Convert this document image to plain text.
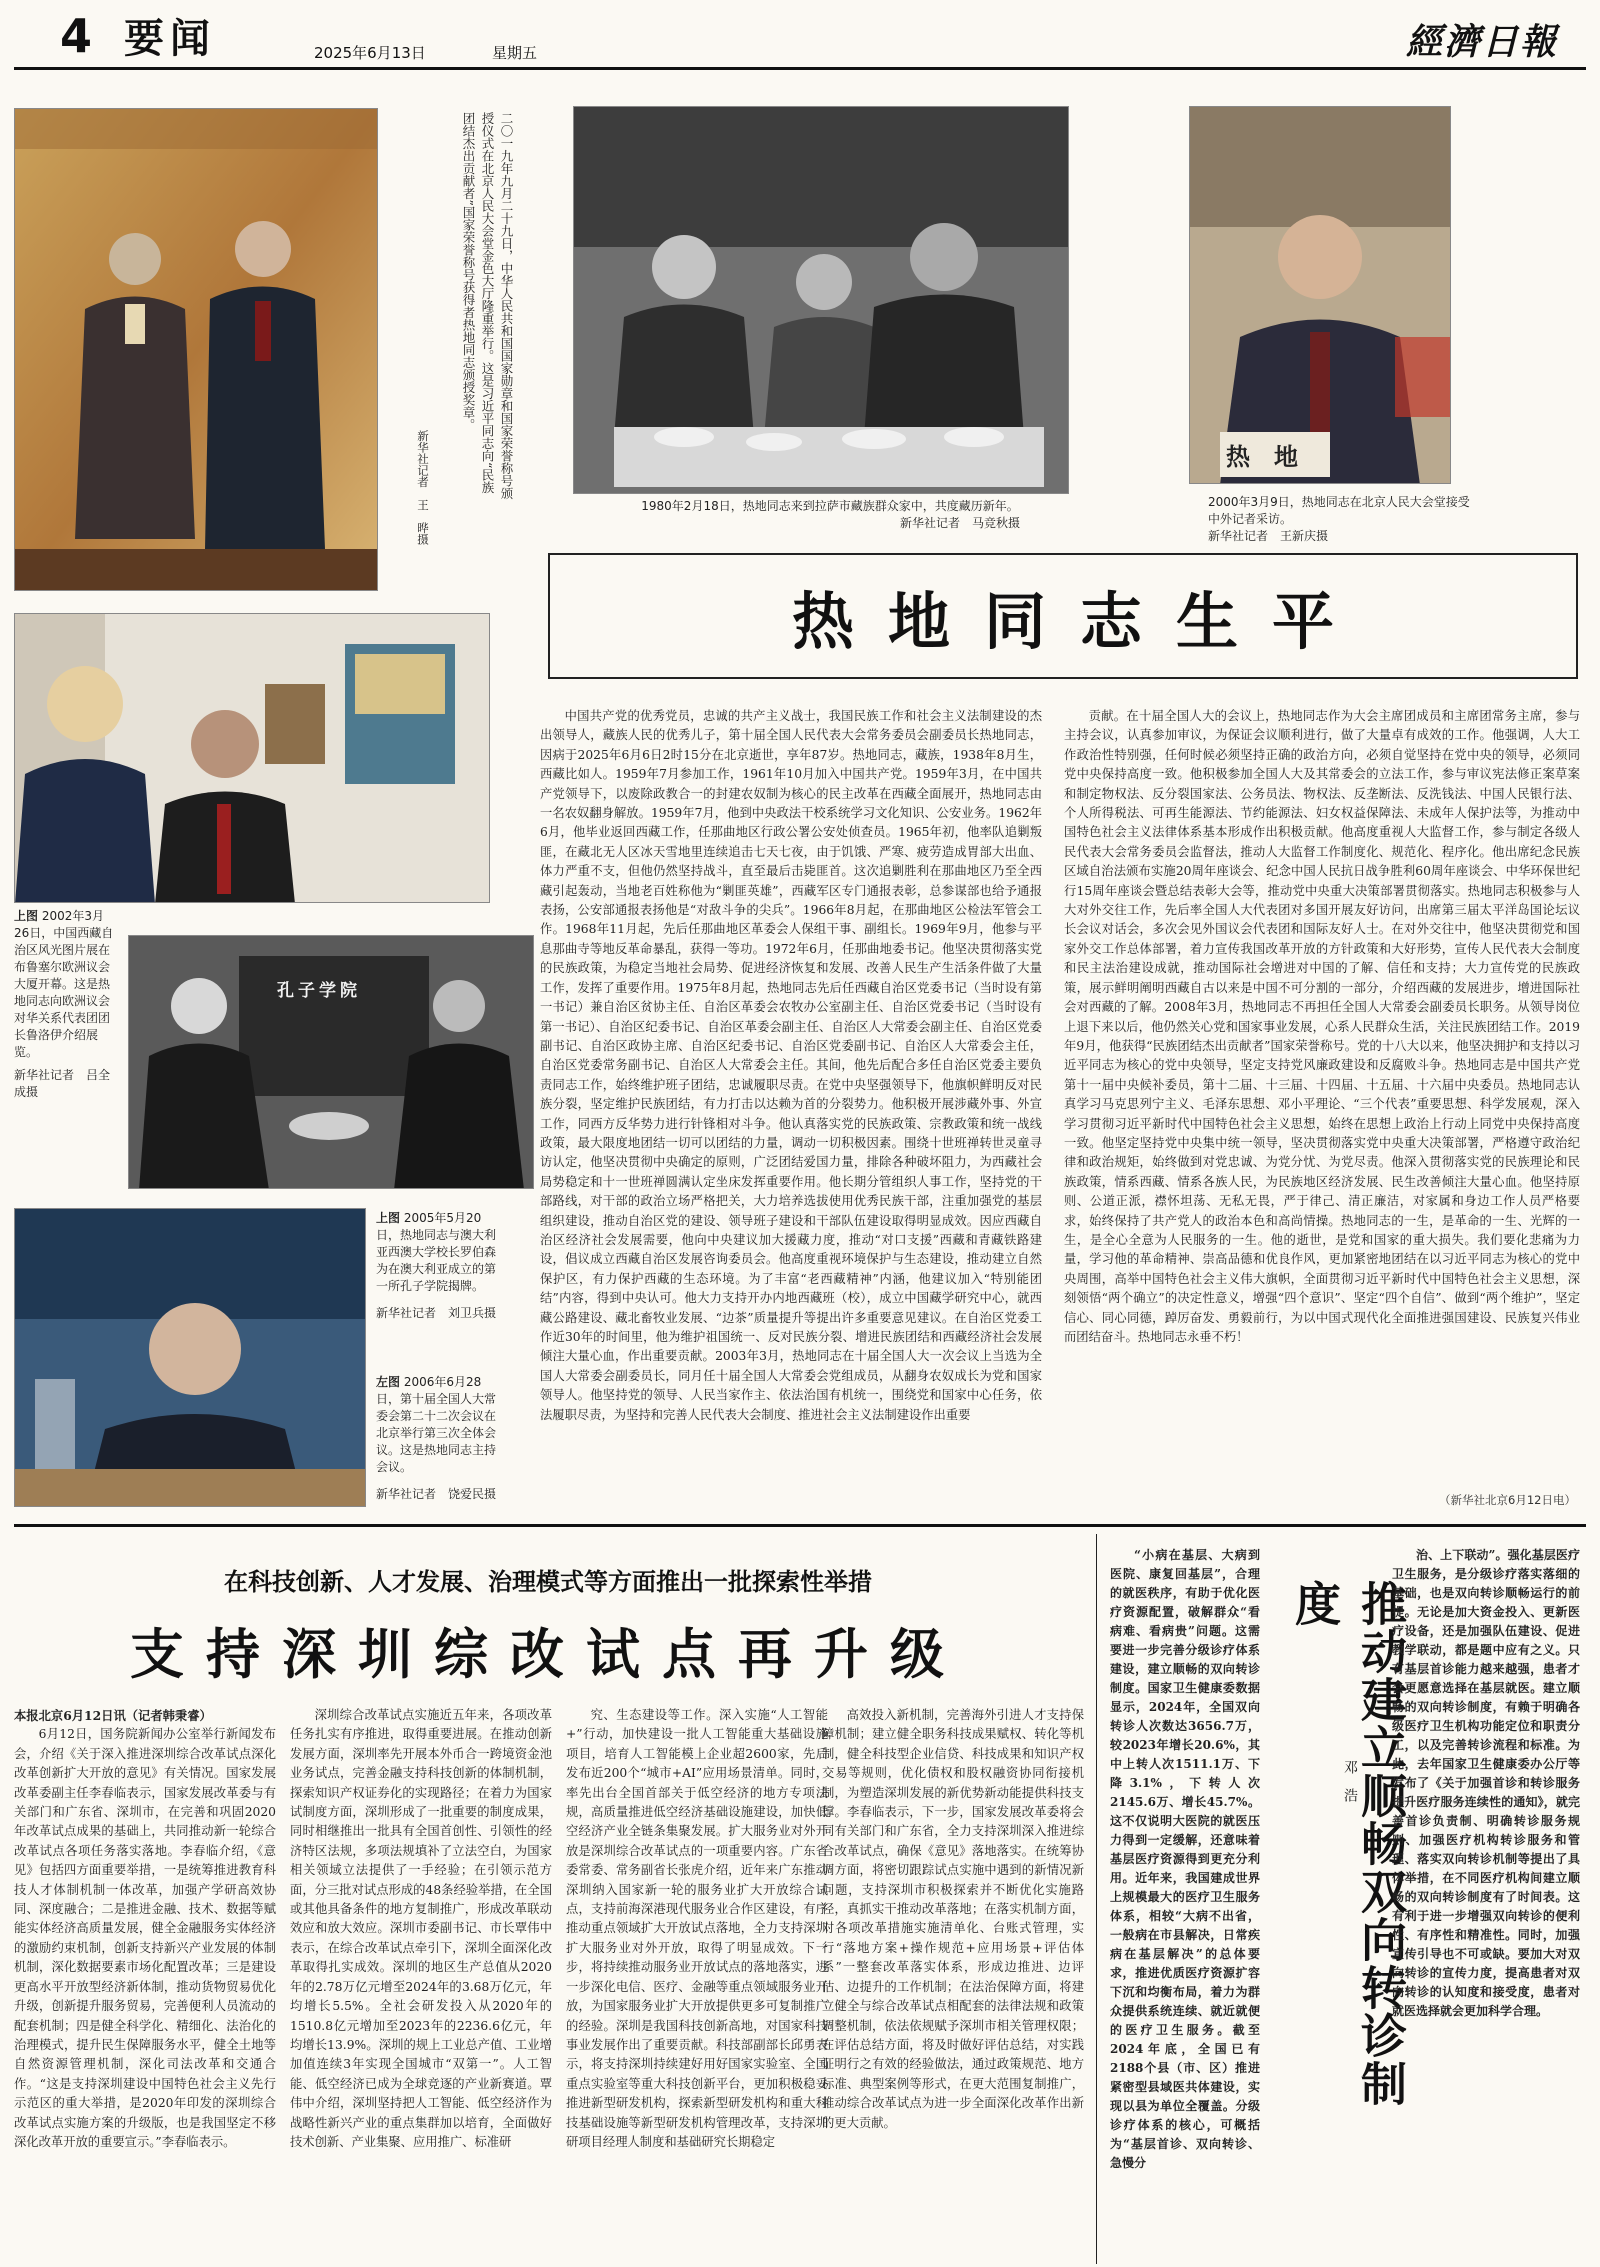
4 要闻	2025年6月13日	星期五	經濟日報
二〇一九年九月二十九日，中华人民共和国国家勋章和国家荣誉称号颁授仪式在北京人民大会堂金色大厅隆重举行。这是习近平同志向“民族团结杰出贡献者”国家荣誉称号获得者热地同志颁授奖章。
新华社记者　王　晔摄	1980年2月18日，热地同志来到拉萨市藏族群众家中，共度藏历新年。
新华社记者　马竞秋摄
热　地
2000年3月9日，热地同志在北京人民大会堂接受中外记者采访。
新华社记者　王新庆摄
热地同志生平
上图 2002年3月26日，中国西藏自治区风光图片展在布鲁塞尔欧洲议会大厦开幕。这是热地同志向欧洲议会对华关系代表团团长鲁洛伊介绍展览。
新华社记者　吕全成摄
孔子学院
上图 2005年5月20日，热地同志与澳大利亚西澳大学校长罗伯森为在澳大利亚成立的第一所孔子学院揭牌。
新华社记者　刘卫兵摄
左图 2006年6月28日，第十届全国人大常委会第二十二次会议在北京举行第三次全体会议。这是热地同志主持会议。
新华社记者　饶爱民摄
中国共产党的优秀党员，忠诚的共产主义战士，我国民族工作和社会主义法制建设的杰出领导人，藏族人民的优秀儿子，第十届全国人民代表大会常务委员会副委员长热地同志，因病于2025年6月6日2时15分在北京逝世，享年87岁。热地同志，藏族，1938年8月生，西藏比如人。1959年7月参加工作，1961年10月加入中国共产党。1959年3月，在中国共产党领导下，以废除政教合一的封建农奴制为核心的民主改革在西藏全面展开，热地同志由一名农奴翻身解放。1959年7月，他到中央政法干校系统学习文化知识、公安业务。1962年6月，他毕业返回西藏工作，任那曲地区行政公署公安处侦查员。1965年初，他率队追剿叛匪，在藏北无人区冰天雪地里连续追击七天七夜，由于饥饿、严寒、疲劳造成胃部大出血、体力严重不支，但他仍然坚持战斗，直至最后击毙匪首。这次追剿胜利在那曲地区乃至全西藏引起轰动，当地老百姓称他为“剿匪英雄”，西藏军区专门通报表彰，总参谋部也给予通报表扬，公安部通报表扬他是“对敌斗争的尖兵”。1966年8月起，在那曲地区公检法军管会工作。1968年11月起，先后任那曲地区革委会人保组干事、副组长。1969年9月，他参与平息那曲寺等地反革命暴乱，获得一等功。1972年6月，任那曲地委书记。他坚决贯彻落实党的民族政策，为稳定当地社会局势、促进经济恢复和发展、改善人民生产生活条件做了大量工作，发挥了重要作用。1975年8月起，热地同志先后任西藏自治区党委书记（当时设有第一书记）兼自治区贫协主任、自治区革委会农牧办公室副主任、自治区党委书记（当时设有第一书记）、自治区纪委书记、自治区革委会副主任、自治区人大常委会副主任、自治区党委副书记、自治区政协主席、自治区纪委书记、自治区党委副书记、自治区人大常委会主任，自治区党委常务副书记、自治区人大常委会主任。其间，他先后配合多任自治区党委主要负责同志工作，始终维护班子团结，忠诚履职尽责。在党中央坚强领导下，他旗帜鲜明反对民族分裂，坚定维护民族团结，有力打击以达赖为首的分裂势力。他积极开展涉藏外事、外宣工作，同西方反华势力进行针锋相对斗争。他认真落实党的民族政策、宗教政策和统一战线政策，最大限度地团结一切可以团结的力量，调动一切积极因素。围绕十世班禅转世灵童寻访认定，他坚决贯彻中央确定的原则，广泛团结爱国力量，排除各种破坏阻力，为西藏社会局势稳定和十一世班禅圆满认定坐床发挥重要作用。他长期分管组织人事工作，坚持党的干部路线，对干部的政治立场严格把关，大力培养选拔使用优秀民族干部，注重加强党的基层组织建设，推动自治区党的建设、领导班子建设和干部队伍建设取得明显成效。因应西藏自治区经济社会发展需要，他向中央建议加大援藏力度，推动“对口支援”西藏和青藏铁路建设，倡议成立西藏自治区发展咨询委员会。他高度重视环境保护与生态建设，推动建立自然保护区，有力保护西藏的生态环境。为了丰富“老西藏精神”内涵，他建议加入“特别能团结”内容，得到中央认可。他大力支持开办内地西藏班（校），成立中国藏学研究中心，就西藏公路建设、藏北畜牧业发展、“边茶”质量提升等提出许多重要意见建议。在自治区党委工作近30年的时间里，他为维护祖国统一、反对民族分裂、增进民族团结和西藏经济社会发展倾注大量心血，作出重要贡献。2003年3月，热地同志在十届全国人大一次会议上当选为全国人大常委会副委员长，同月任十届全国人大常委会党组成员，从翻身农奴成长为党和国家领导人。他坚持党的领导、人民当家作主、依法治国有机统一，围绕党和国家中心任务，依法履职尽责，为坚持和完善人民代表大会制度、推进社会主义法制建设作出重要
贡献。在十届全国人大的会议上，热地同志作为大会主席团成员和主席团常务主席，参与主持会议，认真参加审议，为保证会议顺利进行，做了大量卓有成效的工作。他强调，人大工作政治性特别强，任何时候必须坚持正确的政治方向，必须自觉坚持在党中央的领导，必须同党中央保持高度一致。他积极参加全国人大及其常委会的立法工作，参与审议宪法修正案草案和制定物权法、反分裂国家法、公务员法、物权法、反垄断法、反洗钱法、中国人民银行法、个人所得税法、可再生能源法、节约能源法、妇女权益保障法、未成年人保护法等，为推动中国特色社会主义法律体系基本形成作出积极贡献。他高度重视人大监督工作，参与制定各级人民代表大会常务委员会监督法，推动人大监督工作制度化、规范化、程序化。他出席纪念民族区域自治法颁布实施20周年座谈会、纪念中国人民抗日战争胜利60周年座谈会、中华环保世纪行15周年座谈会暨总结表彰大会等，推动党中央重大决策部署贯彻落实。热地同志积极参与人大对外交往工作，先后率全国人大代表团对多国开展友好访问，出席第三届太平洋岛国论坛议长会议对话会，多次会见外国议会代表团和国际友好人士。在对外交往中，他坚决贯彻党和国家外交工作总体部署，着力宣传我国改革开放的方针政策和大好形势，宣传人民代表大会制度和民主法治建设成就，推动国际社会增进对中国的了解、信任和支持；大力宣传党的民族政策，展示鲜明阐明西藏自古以来是中国不可分割的一部分，介绍西藏的发展进步，增进国际社会对西藏的了解。2008年3月，热地同志不再担任全国人大常委会副委员长职务。从领导岗位上退下来以后，他仍然关心党和国家事业发展，心系人民群众生活，关注民族团结工作。2019年9月，他获得“民族团结杰出贡献者”国家荣誉称号。党的十八大以来，他坚决拥护和支持以习近平同志为核心的党中央领导，坚定支持党风廉政建设和反腐败斗争。热地同志是中国共产党第十一届中央候补委员，第十二届、十三届、十四届、十五届、十六届中央委员。热地同志认真学习马克思列宁主义、毛泽东思想、邓小平理论、“三个代表”重要思想、科学发展观，深入学习贯彻习近平新时代中国特色社会主义思想，始终在思想上政治上行动上同党中央保持高度一致。他坚定坚持党中央集中统一领导，坚决贯彻落实党中央重大决策部署，严格遵守政治纪律和政治规矩，始终做到对党忠诚、为党分忧、为党尽责。他深入贯彻落实党的民族理论和民族政策，情系西藏、情系各族人民，为民族地区经济发展、民生改善倾注大量心血。他坚持原则、公道正派，襟怀坦荡、无私无畏，严于律己、清正廉洁，对家属和身边工作人员严格要求，始终保持了共产党人的政治本色和高尚情操。热地同志的一生，是革命的一生、光辉的一生，是全心全意为人民服务的一生。他的逝世，是党和国家的重大损失。我们要化悲痛为力量，学习他的革命精神、崇高品德和优良作风，更加紧密地团结在以习近平同志为核心的党中央周围，高举中国特色社会主义伟大旗帜，全面贯彻习近平新时代中国特色社会主义思想，深刻领悟“两个确立”的决定性意义，增强“四个意识”、坚定“四个自信”、做到“两个维护”，坚定信心、同心同德，踔厉奋发、勇毅前行，为以中国式现代化全面推进强国建设、民族复兴伟业而团结奋斗。热地同志永垂不朽！
（新华社北京6月12日电）
在科技创新、人才发展、治理模式等方面推出一批探索性举措
支持深圳综改试点再升级
本报北京6月12日讯（记者韩秉睿）
6月12日，国务院新闻办公室举行新闻发布会，介绍《关于深入推进深圳综合改革试点深化改革创新扩大开放的意见》有关情况。国家发展改革委副主任李春临表示，国家发展改革委与有关部门和广东省、深圳市，在完善和巩固2020年改革试点成果的基础上，共同推动新一轮综合改革试点各项任务落实落地。李春临介绍，《意见》包括四方面重要举措，一是统筹推进教育科技人才体制机制一体改革，加强产学研高效协同、深度融合；二是推进金融、技术、数据等赋能实体经济高质量发展，健全金融服务实体经济的激励约束机制，创新支持新兴产业发展的体制机制，深化数据要素市场化配置改革；三是建设更高水平开放型经济新体制，推动货物贸易优化升级，创新提升服务贸易，完善便利人员流动的配套机制；四是健全科学化、精细化、法治化的治理模式，提升民生保障服务水平，健全土地等自然资源管理机制，深化司法改革和交通合作。“这是支持深圳建设中国特色社会主义先行示范区的重大举措，是2020年印发的深圳综合改革试点实施方案的升级版，也是我国坚定不移深化改革开放的重要宣示。”李春临表示。
深圳综合改革试点实施近五年来，各项改革任务扎实有序推进，取得重要进展。在推动创新发展方面，深圳率先开展本外币合一跨境资金池业务试点，完善金融支持科技创新的体制机制，探索知识产权证券化的实现路径；在着力为国家试制度方面，深圳形成了一批重要的制度成果，同时相继推出一批具有全国首创性、引领性的经济特区法规，多项法规填补了立法空白，为国家相关领域立法提供了一手经验；在引领示范方面，分三批对试点形成的48条经验举措，在全国或其他具备条件的地方复制推广，形成改革联动效应和放大效应。深圳市委副书记、市长覃伟中表示，在综合改革试点牵引下，深圳全面深化改革取得扎实成效。深圳的地区生产总值从2020年的2.78万亿元增至2024年的3.68万亿元，年均增长5.5%。全社会研发投入从2020年的1510.8亿元增加至2023年的2236.6亿元，年均增长13.9%。深圳的规上工业总产值、工业增加值连续3年实现全国城市“双第一”。人工智能、低空经济已成为全球竞逐的产业新赛道。覃伟中介绍，深圳坚持把人工智能、低空经济作为战略性新兴产业的重点集群加以培育，全面做好技术创新、产业集聚、应用推广、标准研
究、生态建设等工作。深入实施“人工智能+”行动，加快建设一批人工智能重大基础设施项目，培育人工智能模上企业超2600家，先后发布近200个“城市+AI”应用场景清单。同时，率先出台全国首部关于低空经济的地方专项法规，高质量推进低空经济基础设施建设，加快低空经济产业全链条集聚发展。扩大服务业对外开放是深圳综合改革试点的一项重要内容。广东省委常委、常务副省长张虎介绍，近年来广东推动深圳纳入国家新一轮的服务业扩大开放综合试点，支持前海深港现代服务业合作区建设，有序推动重点领域扩大开放试点落地，全力支持深圳扩大服务业对外开放，取得了明显成效。下一步，将持续推动服务业开放试点的落地落实，进一步深化电信、医疗、金融等重点领域服务业开放，为国家服务业扩大开放提供更多可复制推广的经验。深圳是我国科技创新高地，对国家科技事业发展作出了重要贡献。科技部副部长邱勇表示，将支持深圳持续建好用好国家实验室、全国重点实验室等重大科技创新平台，更加积极稳妥推进新型研发机构，探索新型研发机构和重大科技基础设施等新型研发机构管理改革，支持深圳研项目经理人制度和基础研究长期稳定
高效投入新机制，完善海外引进人才支持保障机制；建立健全职务科技成果赋权、转化等机制，健全科技型企业信贷、科技成果和知识产权交易等规则，优化债权和股权融资协同衔接机制，为塑造深圳发展的新优势新动能提供科技支撑。李春临表示，下一步，国家发展改革委将会同有关部门和广东省，全力支持深圳深入推进综合改革试点，确保《意见》落地落实。在统筹协调方面，将密切跟踪试点实施中遇到的新情况新问题，支持深圳市积极探索并不断优化实施路径，真抓实干推动改革落地；在落实机制方面，对各项改革措施实施清单化、台账式管理，实行“落地方案+操作规范+应用场景+评估体系”一整套改革落实体系，形成边推进、边评估、边提升的工作机制；在法治保障方面，将建立健全与综合改革试点相配套的法律法规和政策调整机制，依法依规赋予深圳市相关管理权限；在评估总结方面，将及时做好评估总结，对实践证明行之有效的经验做法，通过政策规范、地方标准、典型案例等形式，在更大范围复制推广，推动综合改革试点为进一步全面深化改革作出新的更大贡献。
“小病在基层、大病到医院、康复回基层”，合理的就医秩序，有助于优化医疗资源配置，破解群众“看病难、看病贵”问题。这需要进一步完善分级诊疗体系建设，建立顺畅的双向转诊制度。国家卫生健康委数据显示，2024年，全国双向转诊人次数达3656.7万，较2023年增长20.6%，其中上转人次1511.1万、下降3.1%，下转人次2145.6万、增长45.7%。这不仅说明大医院的就医压力得到一定缓解，还意味着基层医疗资源得到更充分利用。近年来，我国建成世界上规模最大的医疗卫生服务体系，相较“大病不出省，一般病在市县解决，日常疾病在基层解决”的总体要求，推进优质医疗资源扩容下沉和均衡布局，着力为群众提供系统连续、就近就便的医疗卫生服务。截至2024年底，全国已有2188个县（市、区）推进紧密型县域医共体建设，实现以县为单位全覆盖。分级诊疗体系的核心，可概括为“基层首诊、双向转诊、急慢分
推动建立顺畅双向转诊制度
邓　浩
治、上下联动”。强化基层医疗卫生服务，是分级诊疗落实落细的基础，也是双向转诊顺畅运行的前提。无论是加大资金投入、更新医疗设备，还是加强队伍建设、促进教学联动，都是题中应有之义。只有基层首诊能力越来越强，患者才会更愿意选择在基层就医。建立顺畅的双向转诊制度，有赖于明确各级医疗卫生机构功能定位和职责分工，以及完善转诊流程和标准。为此，去年国家卫生健康委办公厅等发布了《关于加强首诊和转诊服务提升医疗服务连续性的通知》，就完善首诊负责制、明确转诊服务规则、加强医疗机构转诊服务和管理、落实双向转诊机制等提出了具体举措，在不同医疗机构间建立顺畅的双向转诊制度有了时间表。这有利于进一步增强双向转诊的便利性、有序性和精准性。同时，加强宣传引导也不可或缺。要加大对双向转诊的宣传力度，提高患者对双向转诊的认知度和接受度，患者对就医选择就会更加科学合理。
